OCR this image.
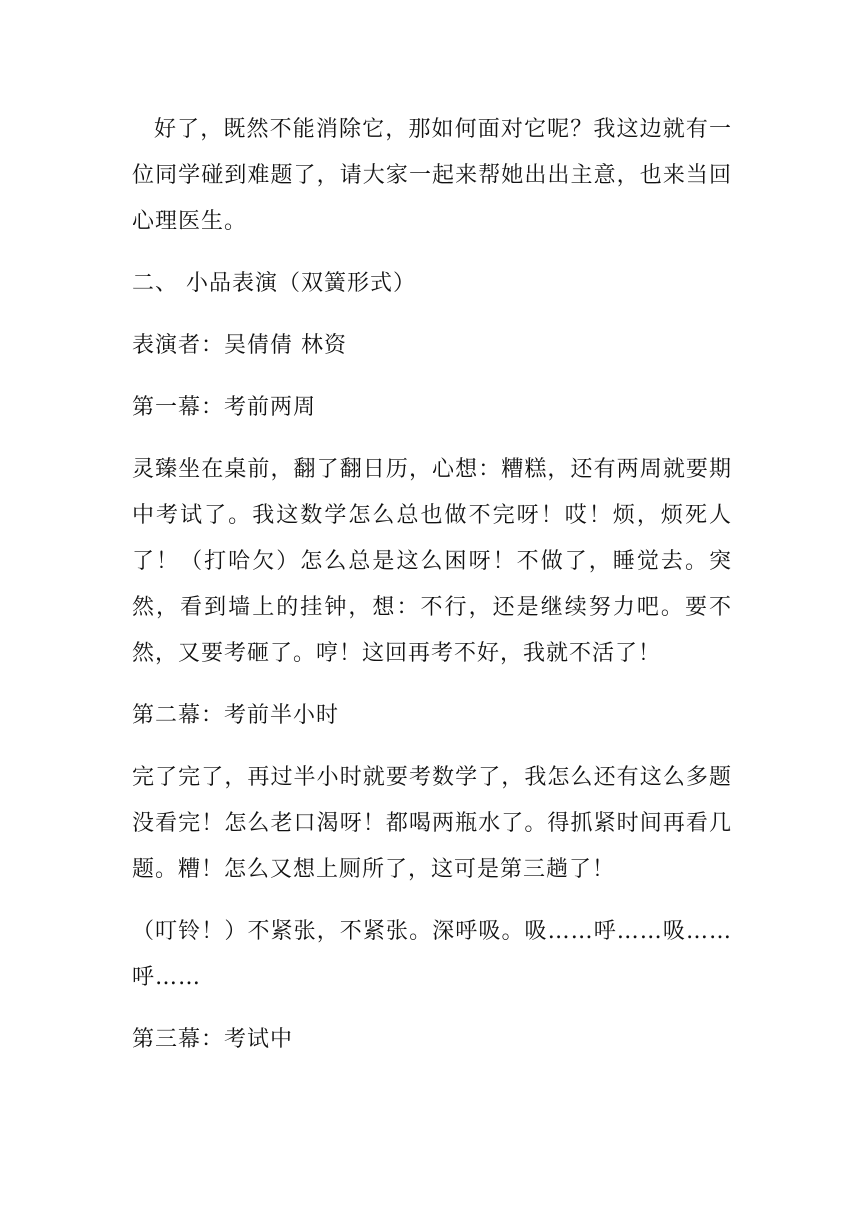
好了，既然不能消除它，那如何面对它呢？我这边就有一位同学碰到难题了，请大家一起来帮她出出主意，也来当回心理医生。

二、 小品表演（双簧形式）

表演者：吴倩倩 林资

第一幕：考前两周

灵臻坐在桌前，翻了翻日历，心想：糟糕，还有两周就要期中考试了。我这数学怎么总也做不完呀！哎！烦，烦死人了！（打哈欠）怎么总是这么困呀！不做了，睡觉去。突然，看到墙上的挂钟，想：不行，还是继续努力吧。要不然，又要考砸了。哼！这回再考不好，我就不活了！

第二幕：考前半小时

完了完了，再过半小时就要考数学了，我怎么还有这么多题没看完！怎么老口渴呀！都喝两瓶水了。得抓紧时间再看几题。糟！怎么又想上厕所了，这可是第三趟了！

（叮铃！）不紧张，不紧张。深呼吸。吸……呼……吸……呼……

第三幕：考试中
